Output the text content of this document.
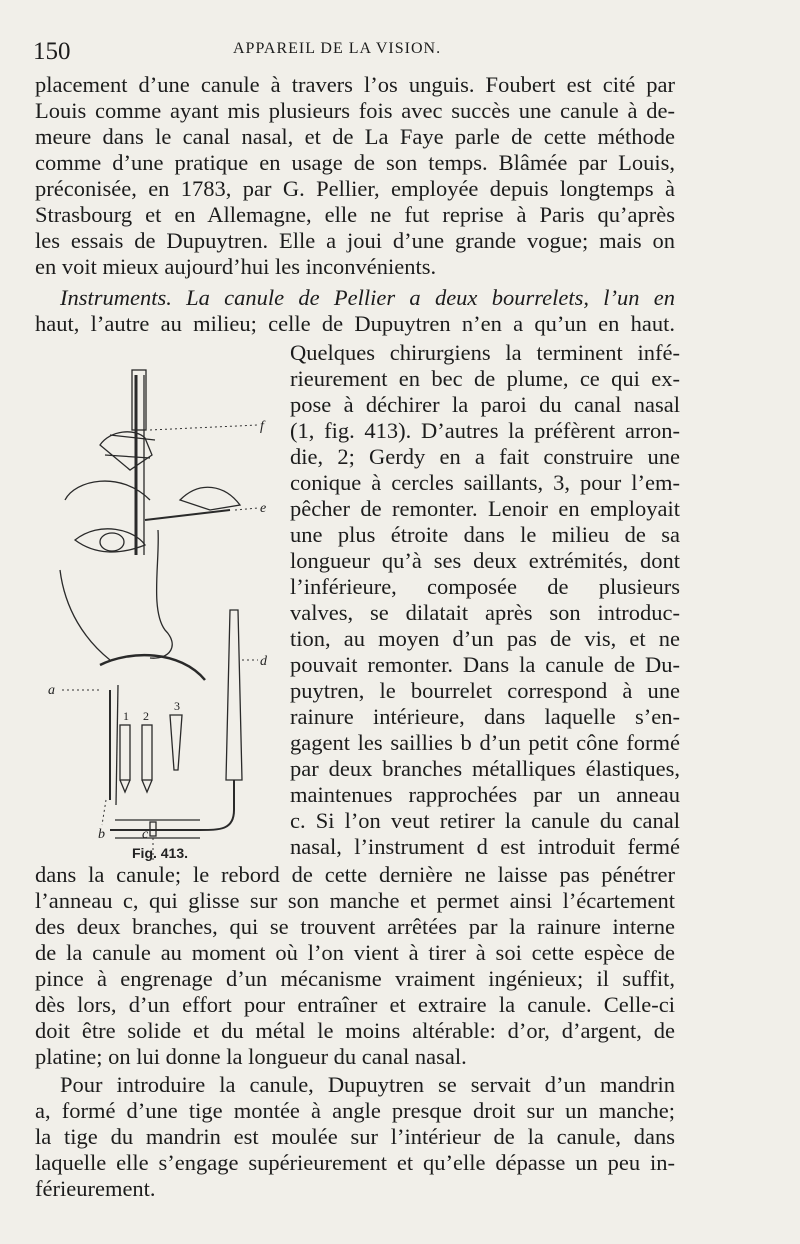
150	APPAREIL DE LA VISION.
placement d’une canule à travers l’os unguis. Foubert est cité par
Louis comme ayant mis plusieurs fois avec succès une canule à de-
meure dans le canal nasal, et de La Faye parle de cette méthode
comme d’une pratique en usage de son temps. Blâmée par Louis,
préconisée, en 1783, par G. Pellier, employée depuis longtemps à
Strasbourg et en Allemagne, elle ne fut reprise à Paris qu’après
les essais de Dupuytren. Elle a joui d’une grande vogue; mais on
en voit mieux aujourd’hui les inconvénients.
Instruments. La canule de Pellier a deux bourrelets, l’un en
haut, l’autre au milieu; celle de Dupuytren n’en a qu’un en haut.
Quelques chirurgiens la terminent infé-
rieurement en bec de plume, ce qui ex-
pose à déchirer la paroi du canal nasal
(1, fig. 413). D’autres la préfèrent arron-
die, 2; Gerdy en a fait construire une
conique à cercles saillants, 3, pour l’em-
pêcher de remonter. Lenoir en employait
une plus étroite dans le milieu de sa
longueur qu’à ses deux extrémités, dont
l’inférieure, composée de plusieurs
valves, se dilatait après son introduc-
tion, au moyen d’un pas de vis, et ne
pouvait remonter. Dans la canule de Du-
puytren, le bourrelet correspond à une
rainure intérieure, dans laquelle s’en-
gagent les saillies b d’un petit cône formé
par deux branches métalliques élastiques,
maintenues rapprochées par un anneau
c. Si l’on veut retirer la canule du canal
nasal, l’instrument d est introduit fermé
dans la canule; le rebord de cette dernière ne laisse pas pénétrer
l’anneau c, qui glisse sur son manche et permet ainsi l’écartement
des deux branches, qui se trouvent arrêtées par la rainure interne
de la canule au moment où l’on vient à tirer à soi cette espèce de
pince à engrenage d’un mécanisme vraiment ingénieux; il suffit,
dès lors, d’un effort pour entraîner et extraire la canule. Celle-ci
doit être solide et du métal le moins altérable: d’or, d’argent, de
platine; on lui donne la longueur du canal nasal.
Pour introduire la canule, Dupuytren se servait d’un mandrin
a, formé d’une tige montée à angle presque droit sur un manche;
la tige du mandrin est moulée sur l’intérieur de la canule, dans
laquelle elle s’engage supérieurement et qu’elle dépasse un peu in-
férieurement.
f
e
d
a
b	c
1 2
3
Fig. 413.
